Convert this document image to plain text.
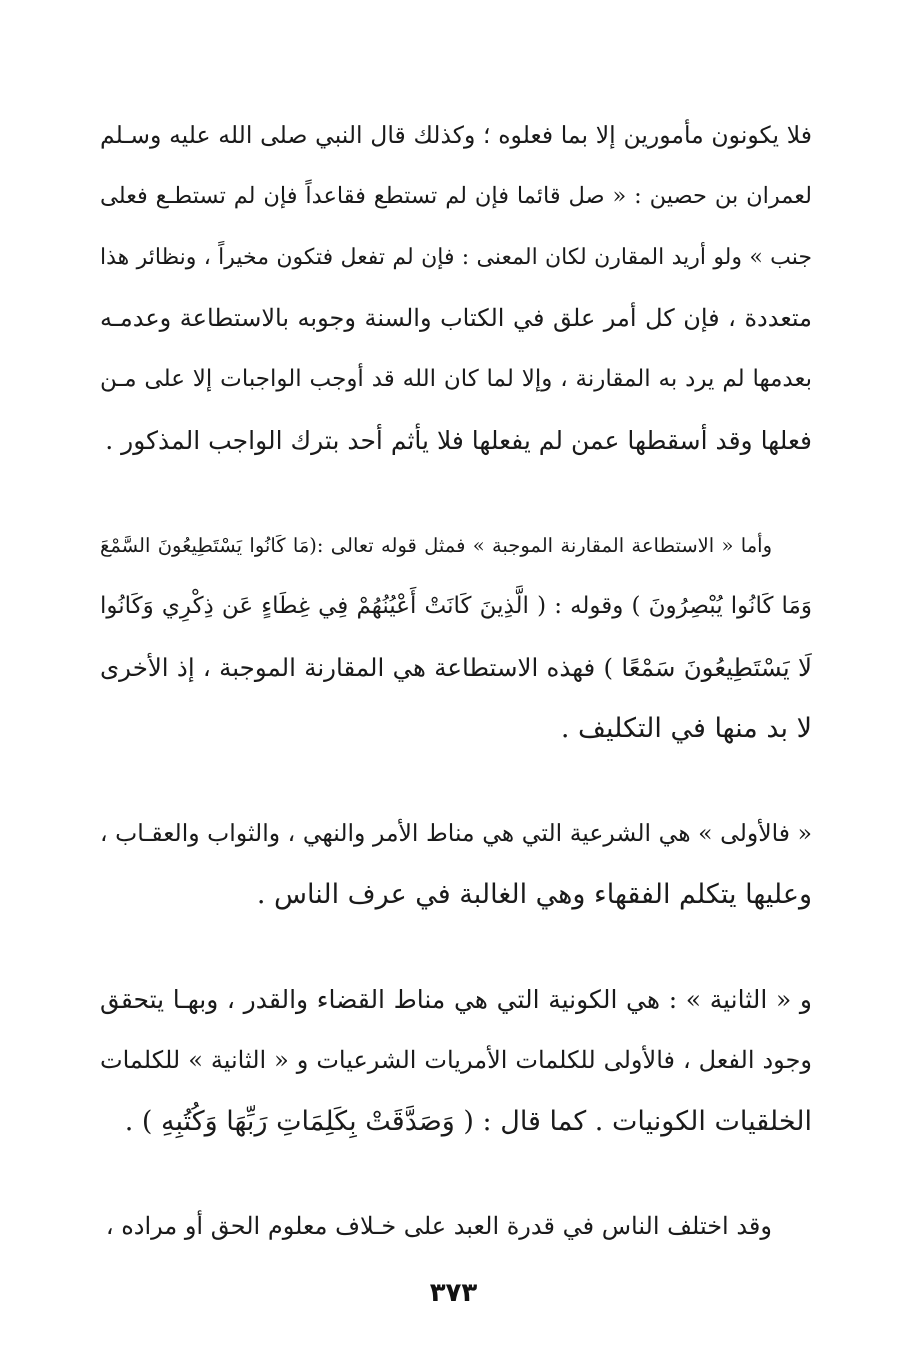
فلا يكونون مأمورين إلا بما فعلوه ؛ وكذلك قال النبي صلى الله عليه وسـلم
لعمران بن حصين : « صل قائما فإن لم تستطع فقاعداً فإن لم تستطـع فعلى
جنب » ولو أريد المقارن لكان المعنى : فإن لم تفعل فتكون مخيراً ، ونظائر هذا
متعددة ، فإن كل أمر علق في الكتاب والسنة وجوبه بالاستطاعة وعدمـه
بعدمها لم يرد به المقارنة ، وإلا لما كان الله قد أوجب الواجبات إلا على مـن
فعلها وقد أسقطها عمن لم يفعلها فلا يأثم أحد بترك الواجب المذكور .

وأما « الاستطاعة المقارنة الموجبة » فمثل قوله تعالى :(مَا كَانُوا يَسْتَطِيعُونَ السَّمْعَ
وَمَا كَانُوا يُبْصِرُونَ ) وقوله : ( الَّذِينَ كَانَتْ أَعْيُنُهُمْ فِي غِطَاءٍ عَن ذِكْرِي وَكَانُوا
لَا يَسْتَطِيعُونَ سَمْعًا ) فهذه الاستطاعة هي المقارنة الموجبة ، إذ الأخرى
لا بد منها في التكليف .

« فالأولى » هي الشرعية التي هي مناط الأمر والنهي ، والثواب والعقـاب ،
وعليها يتكلم الفقهاء وهي الغالبة في عرف الناس .

و « الثانية » : هي الكونية التي هي مناط القضاء والقدر ، وبهـا يتحقق
وجود الفعل ، فالأولى للكلمات الأمريات الشرعيات و « الثانية » للكلمات
الخلقيات الكونيات . كما قال : ( وَصَدَّقَتْ بِكَلِمَاتِ رَبِّهَا وَكُتُبِهِ ) .

وقد اختلف الناس في قدرة العبد على خـلاف معلوم الحق أو مراده ،

٣٧٣
